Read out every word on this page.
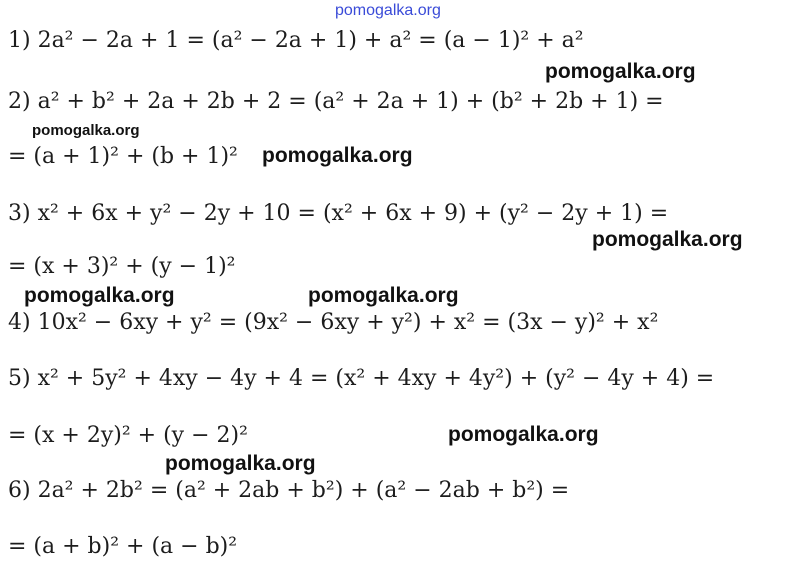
pomogalka.org
1) 2a² − 2a + 1 = (a² − 2a + 1) + a² = (a − 1)² + a²
pomogalka.org
2) a² + b² + 2a + 2b + 2 = (a² + 2a + 1) + (b² + 2b + 1) =
pomogalka.org
= (a + 1)² + (b + 1)² pomogalka.org
3) x² + 6x + y² − 2y + 10 = (x² + 6x + 9) + (y² − 2y + 1) =
pomogalka.org
= (x + 3)² + (y − 1)²
pomogalka.org	pomogalka.org
4) 10x² − 6xy + y² = (9x² − 6xy + y²) + x² = (3x − y)² + x²
5) x² + 5y² + 4xy − 4y + 4 = (x² + 4xy + 4y²) + (y² − 4y + 4) =
= (x + 2y)² + (y − 2)²	pomogalka.org
pomogalka.org
6) 2a² + 2b² = (a² + 2ab + b²) + (a² − 2ab + b²) =
= (a + b)² + (a − b)²
